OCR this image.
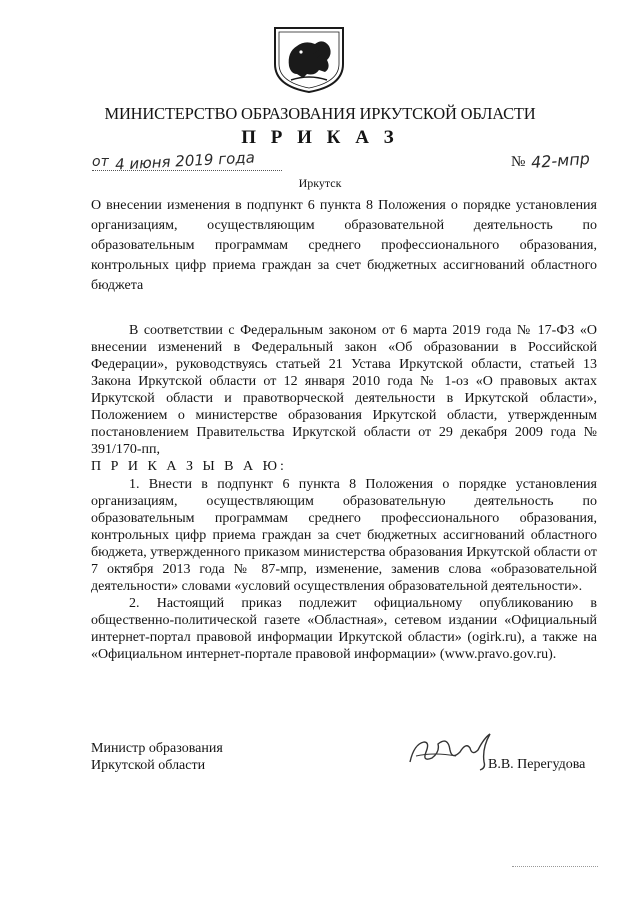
МИНИСТЕРСТВО ОБРАЗОВАНИЯ ИРКУТСКОЙ ОБЛАСТИ
П Р И К А З
от 4 июня 2019 года	№ 42-мпр
Иркутск
О внесении изменения в подпункт 6 пункта 8 Положения о порядке установления организациям, осуществляющим образовательной деятельность по образовательным программам среднего профессионального образования, контрольных цифр приема граждан за счет бюджетных ассигнований областного бюджета

В соответствии с Федеральным законом от 6 марта 2019 года № 17-ФЗ «О внесении изменений в Федеральный закон «Об образовании в Российской Федерации», руководствуясь статьей 21 Устава Иркутской области, статьей 13 Закона Иркутской области от 12 января 2010 года № 1-оз «О правовых актах Иркутской области и правотворческой деятельности в Иркутской области», Положением о министерстве образования Иркутской области, утвержденным постановлением Правительства Иркутской области от 29 декабря 2009 года № 391/170-пп,

П Р И К А З Ы В А Ю:

1. Внести в подпункт 6 пункта 8 Положения о порядке установления организациям, осуществляющим образовательную деятельность по образовательным программам среднего профессионального образования, контрольных цифр приема граждан за счет бюджетных ассигнований областного бюджета, утвержденного приказом министерства образования Иркутской области от 7 октября 2013 года № 87-мпр, изменение, заменив слова «образовательной деятельности» словами «условий осуществления образовательной деятельности».

2. Настоящий приказ подлежит официальному опубликованию в общественно-политической газете «Областная», сетевом издании «Официальный интернет-портал правовой информации Иркутской области» (ogirk.ru), а также на «Официальном интернет-портале правовой информации» (www.pravo.gov.ru).

Министр образования
Иркутской области	В.В. Перегудова
